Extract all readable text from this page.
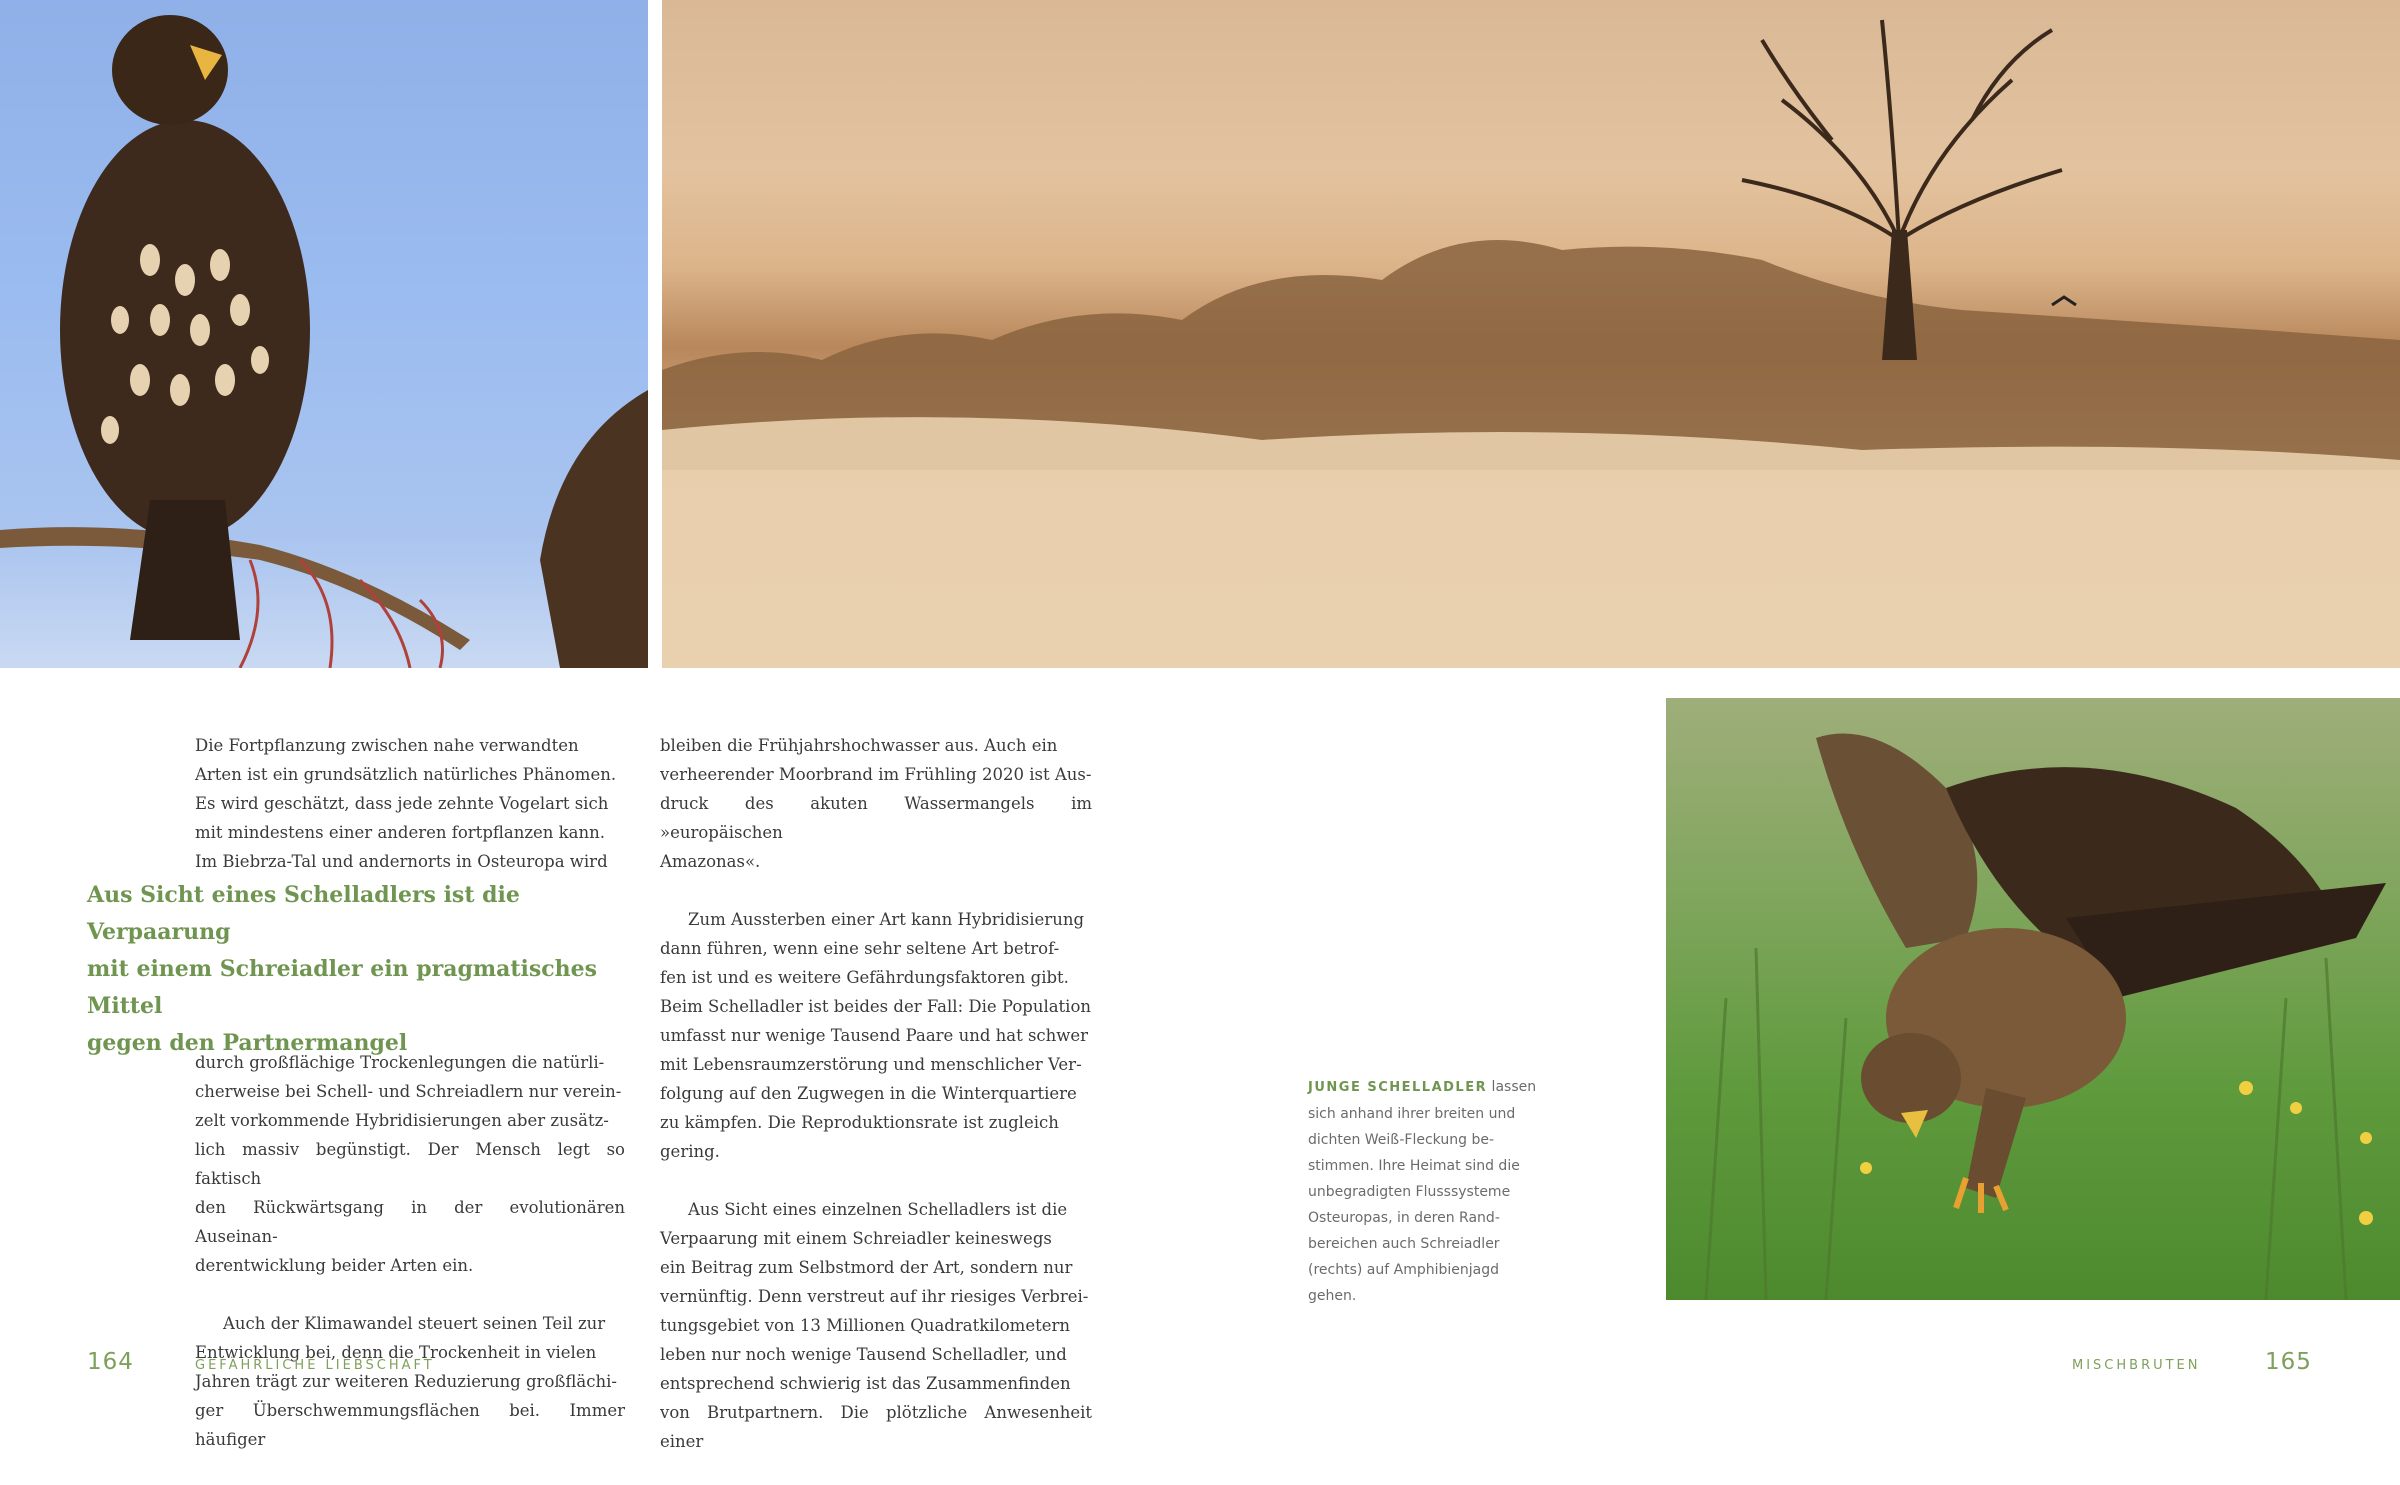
Die Fortpflanzung zwischen nahe verwandten
Arten ist ein grundsätzlich natürliches Phänomen.
Es wird geschätzt, dass jede zehnte Vogelart sich
mit mindestens einer anderen fortpflanzen kann.
Im Biebrza-Tal und andernorts in Osteuropa wird

Aus Sicht eines Schelladlers ist die Verpaarung
mit einem Schreiadler ein pragmatisches Mittel
gegen den Partnermangel

durch großflächige Trockenlegungen die natürli-
cherweise bei Schell- und Schreiadlern nur verein-
zelt vorkommende Hybridisierungen aber zusätz-
lich massiv begünstigt. Der Mensch legt so faktisch
den Rückwärtsgang in der evolutionären Auseinan-
derentwicklung beider Arten ein.

Auch der Klimawandel steuert seinen Teil zur
Entwicklung bei, denn die Trockenheit in vielen
Jahren trägt zur weiteren Reduzierung großflächi-
ger Überschwemmungsflächen bei. Immer häufiger

bleiben die Frühjahrshochwasser aus. Auch ein
verheerender Moorbrand im Frühling 2020 ist Aus-
druck des akuten Wassermangels im »europäischen
Amazonas«.

Zum Aussterben einer Art kann Hybridisierung
dann führen, wenn eine sehr seltene Art betrof-
fen ist und es weitere Gefährdungsfaktoren gibt.
Beim Schelladler ist beides der Fall: Die Population
umfasst nur wenige Tausend Paare und hat schwer
mit Lebensraumzerstörung und menschlicher Ver-
folgung auf den Zugwegen in die Winterquartiere
zu kämpfen. Die Reproduktionsrate ist zugleich
gering.

Aus Sicht eines einzelnen Schelladlers ist die
Verpaarung mit einem Schreiadler keineswegs
ein Beitrag zum Selbstmord der Art, sondern nur
vernünftig. Denn verstreut auf ihr riesiges Verbrei-
tungsgebiet von 13 Millionen Quadratkilometern
leben nur noch wenige Tausend Schelladler, und
entsprechend schwierig ist das Zusammenfinden
von Brutpartnern. Die plötzliche Anwesenheit einer

JUNGE SCHELLADLER lassen
sich anhand ihrer breiten und
dichten Weiß-Fleckung be-
stimmen. Ihre Heimat sind die
unbegradigten Flusssysteme
Osteuropas, in deren Rand-
bereichen auch Schreiadler
(rechts) auf Amphibienjagd
gehen.
164	GEFÄHRLICHE LIEBSCHAFT	MISCHBRUTEN	165
